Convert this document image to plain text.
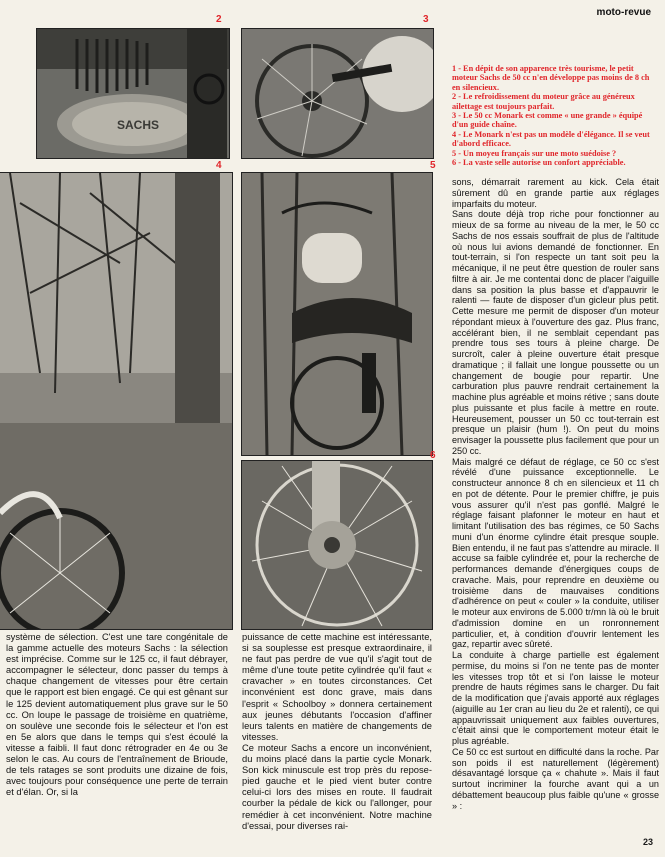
moto-revue
SACHS
2	3

1 - En dépit de son apparence très tourisme, le petit moteur Sachs de 50 cc n'en développe pas moins de 8 ch en silencieux.

2 - Le refroidissement du moteur grâce au généreux ailettage est toujours parfait.

3 - Le 50 cc Monark est comme « une grande » équipé d'un guide chaîne.

4 - Le Monark n'est pas un modèle d'élégance. Il se veut d'abord efficace.

5 - Un moyeu français sur une moto suédoise ?

6 - La vaste selle autorise un confort appréciable.

4	5
6

système de sélection. C'est une tare congénitale de la gamme actuelle des moteurs Sachs : la sélection est imprécise. Comme sur le 125 cc, il faut débrayer, accompagner le sélecteur, donc passer du temps à chaque changement de vitesses pour être certain que le rapport est bien engagé. Ce qui est gênant sur le 125 devient automatiquement plus grave sur le 50 cc. On loupe le passage de troisième en quatrième, on soulève une seconde fois le sélecteur et l'on est en 5e alors que dans le temps qui s'est écoulé la vitesse a faibli. Il faut donc rétrograder en 4e ou 3e selon le cas. Au cours de l'entraînement de Brioude, de tels ratages se sont produits une dizaine de fois, avec toujours pour conséquence une perte de terrain et d'élan. Or, si la

puissance de cette machine est intéressante, si sa souplesse est presque extraordinaire, il ne faut pas perdre de vue qu'il s'agit tout de même d'une toute petite cylindrée qu'il faut « cravacher » en toutes circonstances. Cet inconvénient est donc grave, mais dans l'esprit « Schoolboy » donnera certainement aux jeunes débutants l'occasion d'affiner leurs talents en matière de changements de vitesses.

Ce moteur Sachs a encore un inconvénient, du moins placé dans la partie cycle Monark. Son kick minuscule est trop près du repose-pied gauche et le pied vient buter contre celui-ci lors des mises en route. Il faudrait courber la pédale de kick ou l'allonger, pour remédier à cet inconvénient. Notre machine d'essai, pour diverses rai-

sons, démarrait rarement au kick. Cela était sûrement dû en grande partie aux réglages imparfaits du moteur.

Sans doute déjà trop riche pour fonctionner au mieux de sa forme au niveau de la mer, le 50 cc Sachs de nos essais souffrait de plus de l'altitude où nous lui avions demandé de fonctionner. En tout-terrain, si l'on respecte un tant soit peu la mécanique, il ne peut être question de rouler sans filtre à air. Je me contentai donc de placer l'aiguille dans sa position la plus basse et d'appauvrir le ralenti — faute de disposer d'un gicleur plus petit. Cette mesure me permit de disposer d'un moteur répondant mieux à l'ouverture des gaz. Plus franc, accélérant bien, il ne semblait cependant pas prendre tous ses tours à pleine charge. De surcroît, caler à pleine ouverture était presque dramatique ; il fallait une longue poussette ou un changement de bougie pour repartir. Une carburation plus pauvre rendrait certainement la machine plus agréable et moins rétive ; sans doute plus puissante et plus facile à mettre en route. Heureusement, pousser un 50 cc tout-terrain est presque un plaisir (hum !). On peut du moins envisager la poussette plus facilement que pour un 250 cc.

Mais malgré ce défaut de réglage, ce 50 cc s'est révélé d'une puissance exceptionnelle. Le constructeur annonce 8 ch en silencieux et 11 ch en pot de détente. Pour le premier chiffre, je puis vous assurer qu'il n'est pas gonflé. Malgré le réglage faisant plafonner le moteur en haut et limitant l'utilisation des bas régimes, ce 50 Sachs muni d'un énorme cylindre était presque souple. Bien entendu, il ne faut pas s'attendre au miracle. Il accuse sa faible cylindrée et, pour la recherche de performances demande d'énergiques coups de cravache. Mais, pour reprendre en deuxième ou troisième dans de mauvaises conditions d'adhérence on peut « couler » la conduite, utiliser le moteur aux environs de 5.000 tr/mn là où le bruit d'admission domine en un ronronnement particulier, et, à condition d'ouvrir lentement les gaz, repartir avec sûreté.

La conduite à charge partielle est également permise, du moins si l'on ne tente pas de monter les vitesses trop tôt et si l'on laisse le moteur prendre de hauts régimes sans le charger. Du fait de la modification que j'avais apporté aux réglages (aiguille au 1er cran au lieu du 2e et ralenti), ce qui appauvrissait uniquement aux faibles ouvertures, c'était ainsi que le comportement moteur était le plus agréable.

Ce 50 cc est surtout en difficulté dans la roche. Par son poids il est naturellement (légèrement) désavantagé lorsque ça « chahute ». Mais il faut surtout incriminer la fourche avant qui a un débattement beaucoup plus faible qu'une « grosse » :

23
